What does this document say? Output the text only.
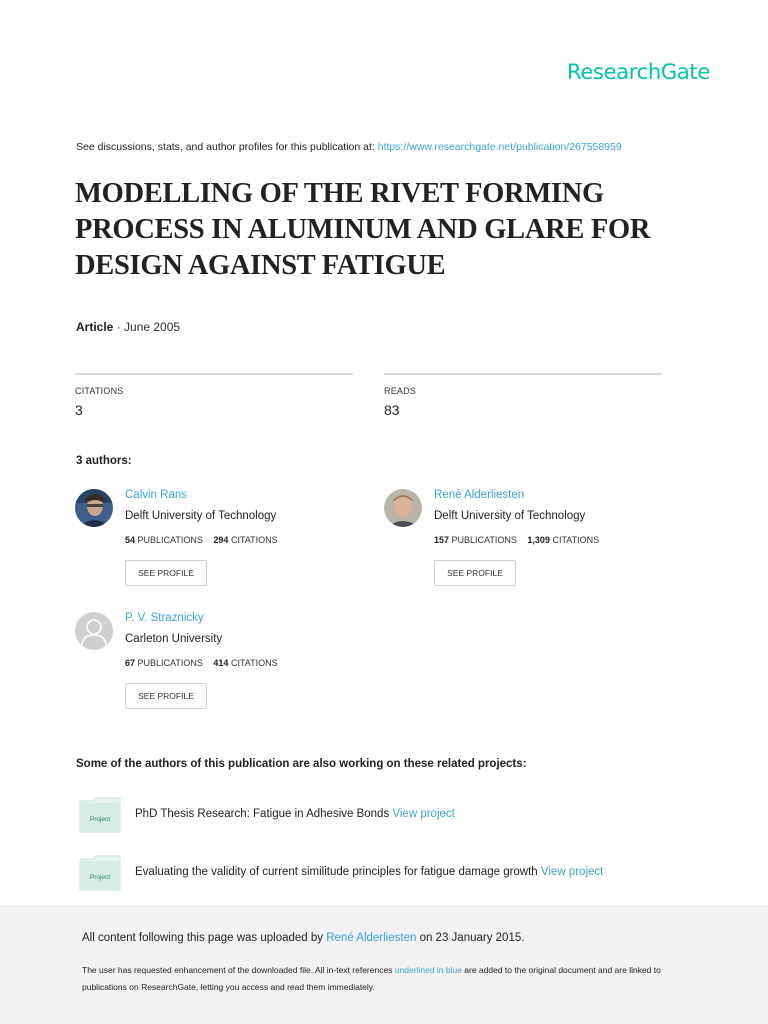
ResearchGate
See discussions, stats, and author profiles for this publication at: https://www.researchgate.net/publication/267558959
MODELLING OF THE RIVET FORMING PROCESS IN ALUMINUM AND GLARE FOR DESIGN AGAINST FATIGUE
Article · June 2005
CITATIONS
3
READS
83
3 authors:
Calvin Rans
Delft University of Technology
54 PUBLICATIONS 294 CITATIONS
SEE PROFILE
René Alderliesten
Delft University of Technology
157 PUBLICATIONS 1,309 CITATIONS
SEE PROFILE
P. V. Straznicky
Carleton University
67 PUBLICATIONS 414 CITATIONS
SEE PROFILE
Some of the authors of this publication are also working on these related projects:
Project PhD Thesis Research: Fatigue in Adhesive Bonds View project
Project Evaluating the validity of current similitude principles for fatigue damage growth View project
All content following this page was uploaded by René Alderliesten on 23 January 2015.
The user has requested enhancement of the downloaded file. All in-text references underlined in blue are added to the original document and are linked to publications on ResearchGate, letting you access and read them immediately.
